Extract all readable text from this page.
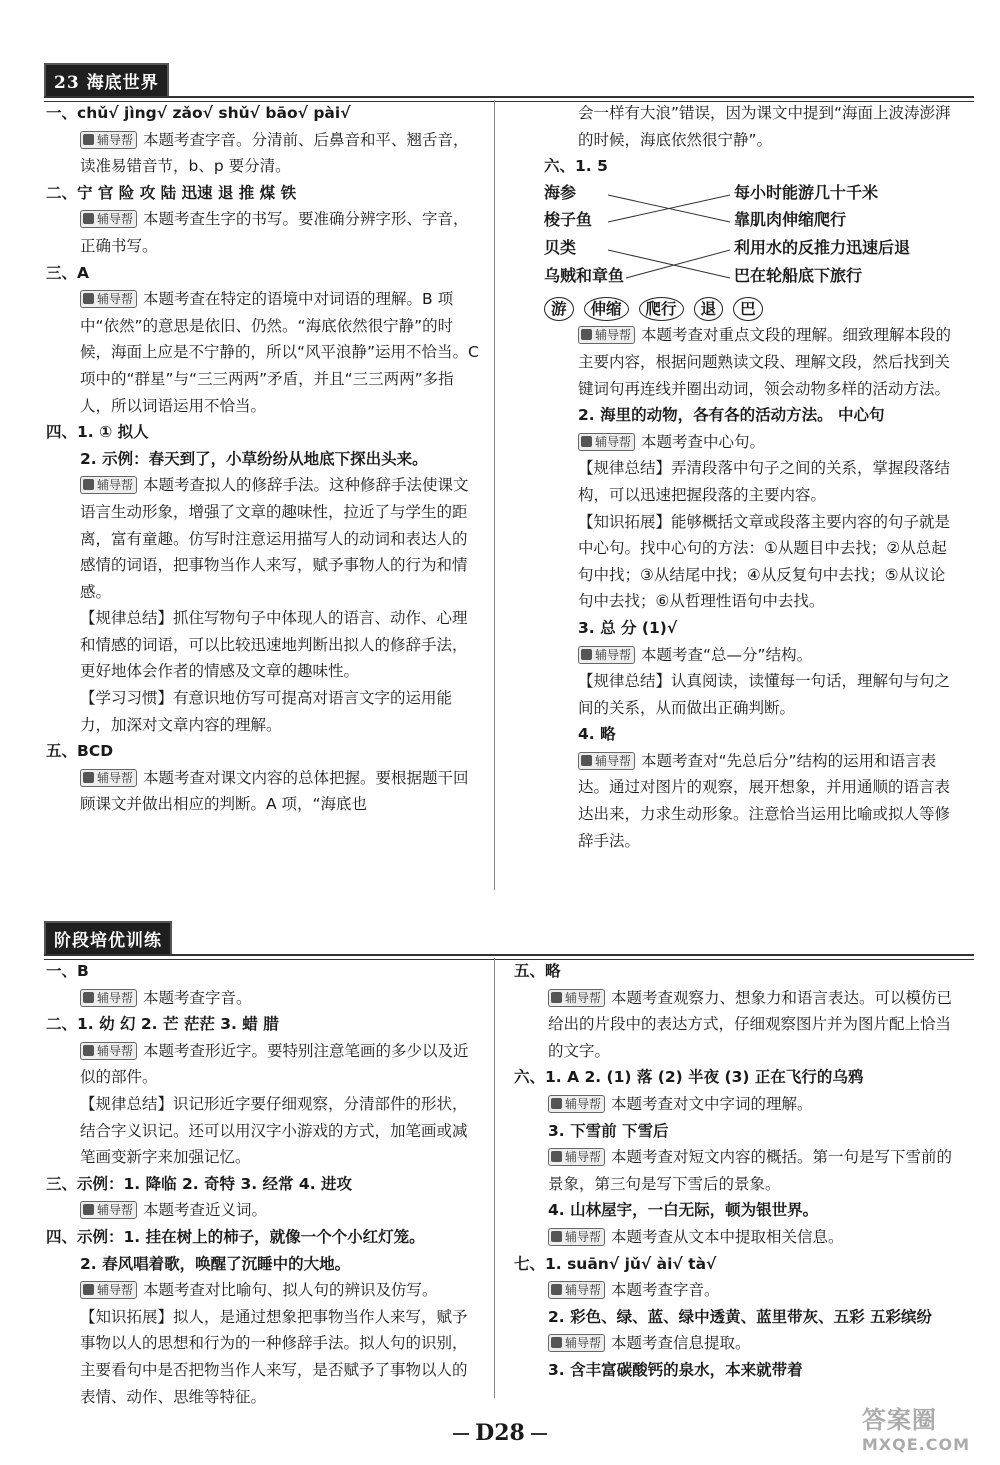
23 海底世界

一、chǔ√ jìng√ zǎo√ shǔ√ bāo√ pài√

辅导帮 本题考查字音。分清前、后鼻音和平、翘舌音，读准易错音节，b、p 要分清。

二、宁 官 险 攻 陆 迅速 退 推 煤 铁

辅导帮 本题考查生字的书写。要准确分辨字形、字音，正确书写。

三、A

辅导帮 本题考查在特定的语境中对词语的理解。B 项中“依然”的意思是依旧、仍然。“海底依然很宁静”的时候，海面上应是不宁静的，所以“风平浪静”运用不恰当。C 项中的“群星”与“三三两两”矛盾，并且“三三两两”多指人，所以词语运用不恰当。

四、1. ① 拟人

2. 示例：春天到了，小草纷纷从地底下探出头来。

辅导帮 本题考查拟人的修辞手法。这种修辞手法使课文语言生动形象，增强了文章的趣味性，拉近了与学生的距离，富有童趣。仿写时注意运用描写人的动词和表达人的感情的词语，把事物当作人来写，赋予事物人的行为和情感。

【规律总结】抓住写物句子中体现人的语言、动作、心理和情感的词语，可以比较迅速地判断出拟人的修辞手法，更好地体会作者的情感及文章的趣味性。

【学习习惯】有意识地仿写可提高对语言文字的运用能力，加深对文章内容的理解。

五、BCD

辅导帮 本题考查对课文内容的总体把握。要根据题干回顾课文并做出相应的判断。A 项，“海底也

会一样有大浪”错误，因为课文中提到“海面上波涛澎湃的时候，海底依然很宁静”。

六、1. 5

海参
梭子鱼
贝类
乌贼和章鱼
每小时能游几十千米
靠肌肉伸缩爬行
利用水的反推力迅速后退
巴在轮船底下旅行

游 伸缩 爬行 退 巴

辅导帮 本题考查对重点文段的理解。细致理解本段的主要内容，根据问题熟读文段、理解文段，然后找到关键词句再连线并圈出动词，领会动物多样的活动方法。

2. 海里的动物，各有各的活动方法。 中心句

辅导帮 本题考查中心句。

【规律总结】弄清段落中句子之间的关系，掌握段落结构，可以迅速把握段落的主要内容。

【知识拓展】能够概括文章或段落主要内容的句子就是中心句。找中心句的方法：①从题目中去找；②从总起句中找；③从结尾中找；④从反复句中去找；⑤从议论句中去找；⑥从哲理性语句中去找。

3. 总 分 (1)√

辅导帮 本题考查“总—分”结构。

【规律总结】认真阅读，读懂每一句话，理解句与句之间的关系，从而做出正确判断。

4. 略

辅导帮 本题考查对“先总后分”结构的运用和语言表达。通过对图片的观察，展开想象，并用通顺的语言表达出来，力求生动形象。注意恰当运用比喻或拟人等修辞手法。

阶段培优训练

一、B

辅导帮 本题考查字音。

二、1. 幼 幻 2. 芒 茫茫 3. 蜡 腊

辅导帮 本题考查形近字。要特别注意笔画的多少以及近似的部件。

【规律总结】识记形近字要仔细观察，分清部件的形状，结合字义识记。还可以用汉字小游戏的方式，加笔画或减笔画变新字来加强记忆。

三、示例：1. 降临 2. 奇特 3. 经常 4. 进攻

辅导帮 本题考查近义词。

四、示例：1. 挂在树上的柿子，就像一个个小红灯笼。

2. 春风唱着歌，唤醒了沉睡中的大地。

辅导帮 本题考查对比喻句、拟人句的辨识及仿写。

【知识拓展】拟人，是通过想象把事物当作人来写，赋予事物以人的思想和行为的一种修辞手法。拟人句的识别，主要看句中是否把物当作人来写，是否赋予了事物以人的表情、动作、思维等特征。

五、略

辅导帮 本题考查观察力、想象力和语言表达。可以模仿已给出的片段中的表达方式，仔细观察图片并为图片配上恰当的文字。

六、1. A 2. (1) 落 (2) 半夜 (3) 正在飞行的乌鸦

辅导帮 本题考查对文中字词的理解。

3. 下雪前 下雪后

辅导帮 本题考查对短文内容的概括。第一句是写下雪前的景象，第三句是写下雪后的景象。

4. 山林屋宇，一白无际，顿为银世界。

辅导帮 本题考查从文本中提取相关信息。

七、1. suān√ jǔ√ ài√ tà√

辅导帮 本题考查字音。

2. 彩色、绿、蓝、绿中透黄、蓝里带灰、五彩 五彩缤纷

辅导帮 本题考查信息提取。

3. 含丰富碳酸钙的泉水，本来就带着

D28	答案圈
MXQE.COM
